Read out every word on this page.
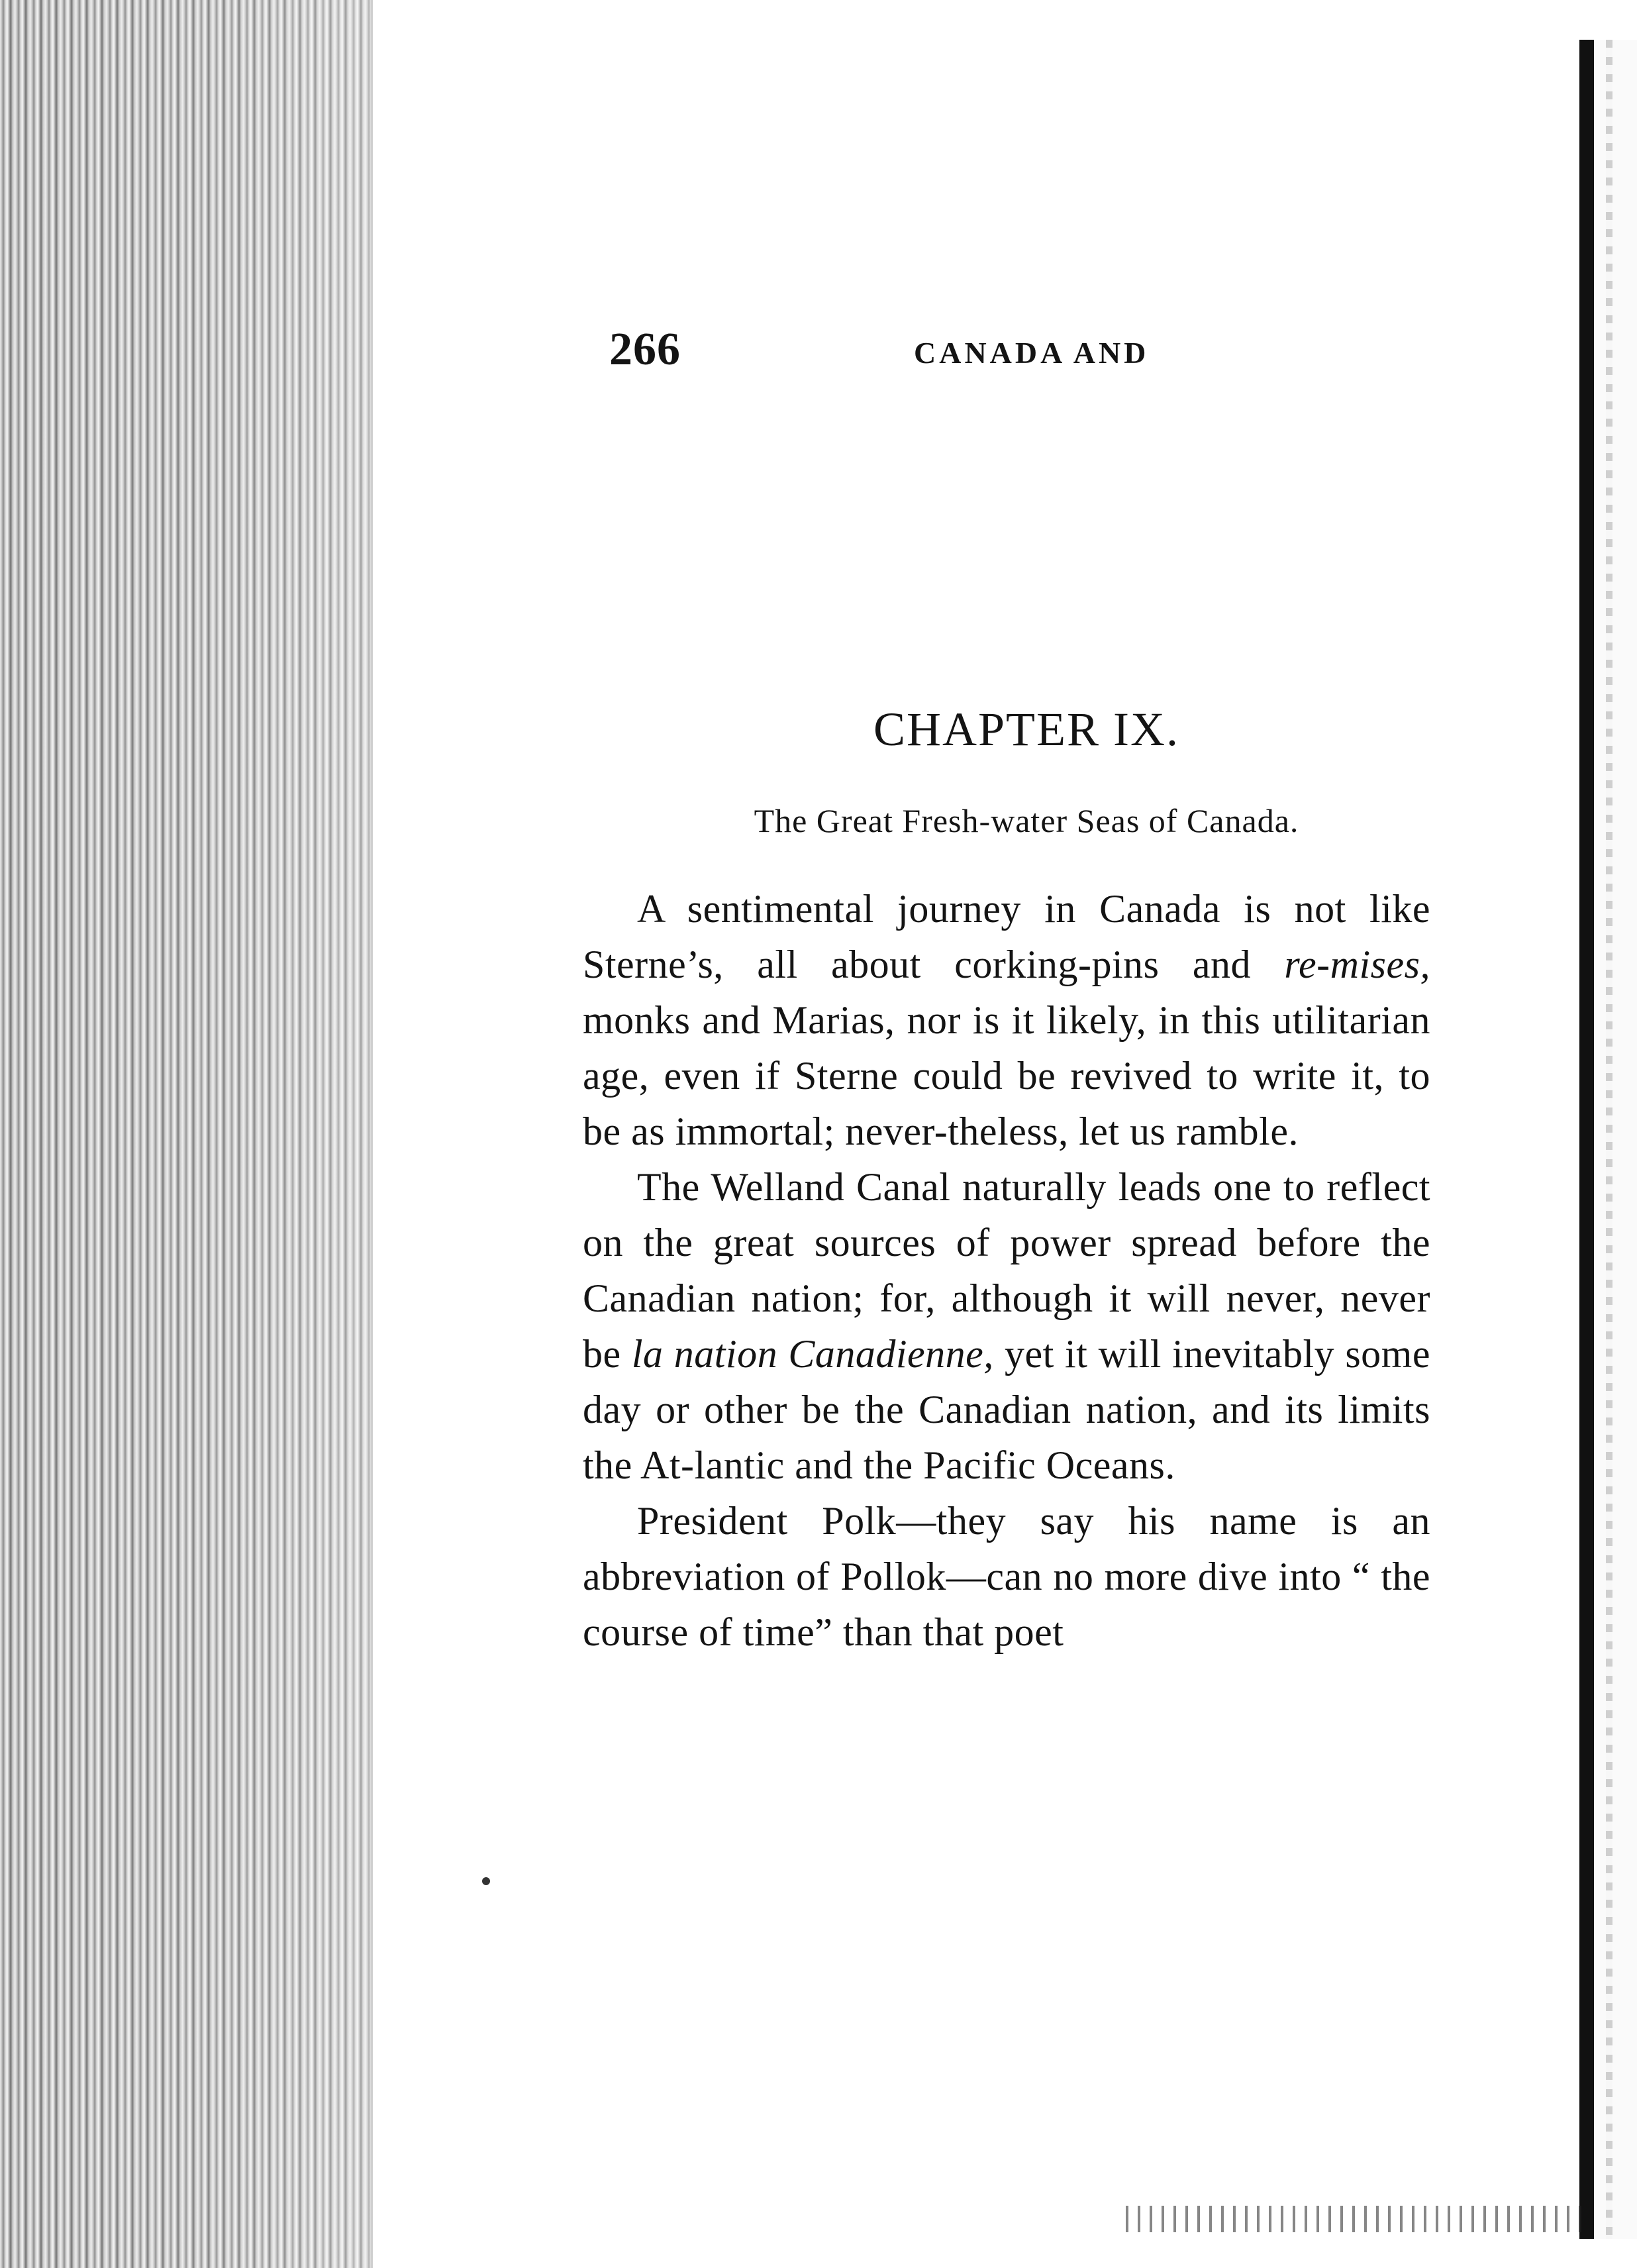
266	CANADA AND
CHAPTER IX.
The Great Fresh-water Seas of Canada.

A sentimental journey in Canada is not like Sterne’s, all about corking-pins and re-mises, monks and Marias, nor is it likely, in this utilitarian age, even if Sterne could be revived to write it, to be as immortal; never-theless, let us ramble.

The Welland Canal naturally leads one to reflect on the great sources of power spread before the Canadian nation; for, although it will never, never be la nation Canadienne, yet it will inevitably some day or other be the Canadian nation, and its limits the At-lantic and the Pacific Oceans.

President Polk—they say his name is an abbreviation of Pollok—can no more dive into “ the course of time” than that poet
